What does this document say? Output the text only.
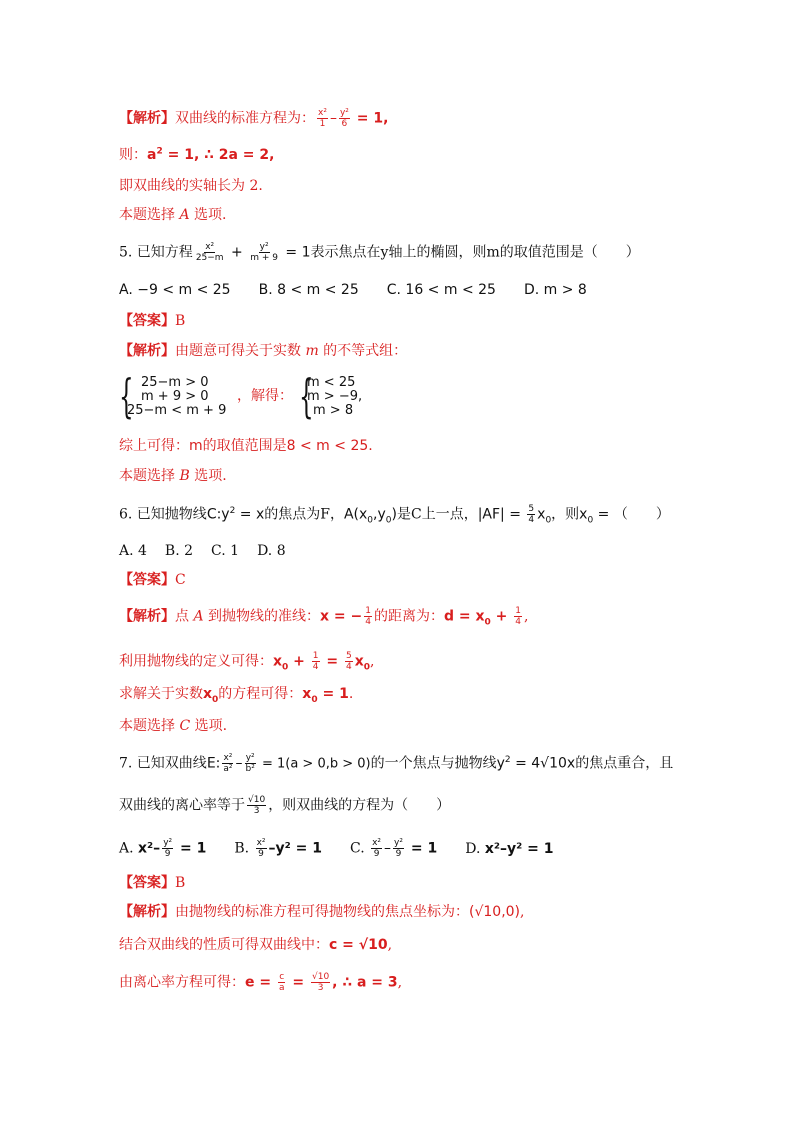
【解析】双曲线的标准方程为： $\frac{\text{x²}}{1} - \frac{\text{y²}}{6} = 1$,
则：$a^2 = 1$, ∴ 2a = 2,
即双曲线的实轴长为 2.
本题选择 A 选项.
5. 已知方程 $\frac{\text{x²}}{25-m} + \frac{\text{y²}}{m + 9} = 1$表示焦点在y轴上的椭圆，则m的取值范围是（　　）
A. −9 < m < 25 B. 8 < m < 25 C. 16 < m < 25 D. m > 8
【答案】B
【解析】由题意可得关于实数 m 的不等式组：
{ 25−m > 0
m + 9 > 0
25−m < m + 9
，解得： {
m < 25
m > −9,
m > 8
综上可得：m的取值范围是8 < m < 25.
本题选择 B 选项.
6. 已知抛物线$C:y^2 = x$的焦点为F，$A(x_0,y_0)$是C上一点，$|AF| = \frac{5}{4} x_0$，则$x_0$ = （　　）
A. 4 B. 2 C. 1 D. 8
【答案】C
【解析】点 A 到抛物线的准线：x = − $\frac{1}{4}$ 的距离为：$d = x_0 + \frac{1}{4}$ ,
利用抛物线的定义可得：$x_0 + \frac{1}{4} = \frac{5}{4} x_0$,
求解关于实数$x_0$的方程可得：$x_0 = 1$.
本题选择 C 选项.
7. 已知双曲线E: $\frac{\text{x²}}{\text{a²}} - \frac{\text{y²}}{\text{b²}} = 1(a > 0,b > 0)$的一个焦点与抛物线$y^2 = 4√10x$的焦点重合，且
双曲线的离心率等于 $\frac{√10}{3}$ ，则双曲线的方程为（　　）
A. $x^2- \frac{\text{y²}}{9} = 1$ B. $\frac{\text{x²}}{9} -y^2 = 1$ C. $\frac{\text{x²}}{9} - \frac{\text{y²}}{9} = 1$ D. x²–y² = 1
【答案】B
【解析】由抛物线的标准方程可得抛物线的焦点坐标为：(√10,0),
结合双曲线的性质可得双曲线中：c = √10,
由离心率方程可得：$e = \frac{c}{a} = \frac{√10}{3}$ , ∴ a = 3,
